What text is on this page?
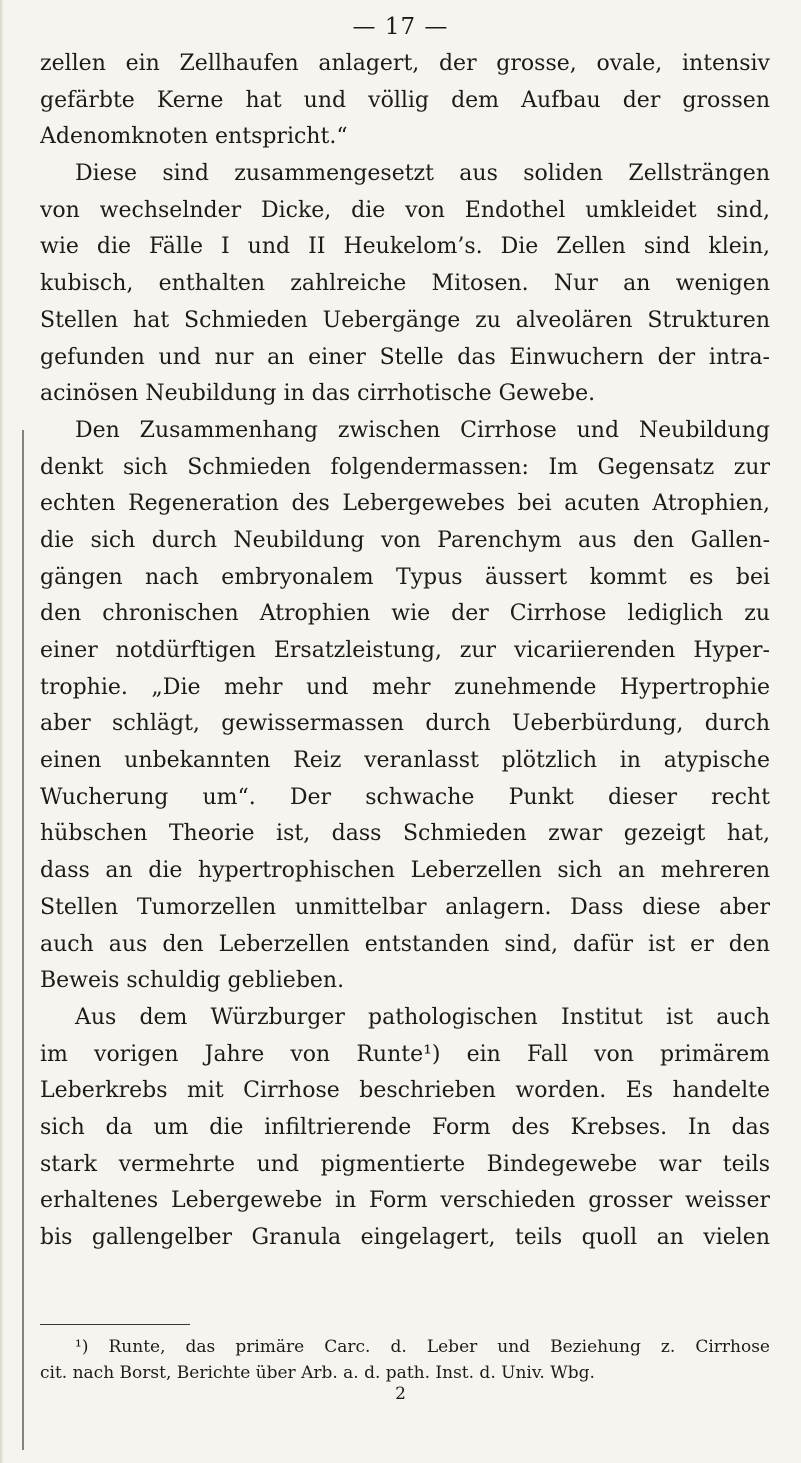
— 17 —
zellen ein Zellhaufen anlagert, der grosse, ovale, intensiv
gefärbte Kerne hat und völlig dem Aufbau der grossen
Adenomknoten entspricht.“
Diese sind zusammengesetzt aus soliden Zellsträngen
von wechselnder Dicke, die von Endothel umkleidet sind,
wie die Fälle I und II Heukelom’s. Die Zellen sind klein,
kubisch, enthalten zahlreiche Mitosen. Nur an wenigen
Stellen hat Schmieden Uebergänge zu alveolären Strukturen
gefunden und nur an einer Stelle das Einwuchern der intra-
acinösen Neubildung in das cirrhotische Gewebe.
Den Zusammenhang zwischen Cirrhose und Neubildung
denkt sich Schmieden folgendermassen: Im Gegensatz zur
echten Regeneration des Lebergewebes bei acuten Atrophien,
die sich durch Neubildung von Parenchym aus den Gallen-
gängen nach embryonalem Typus äussert kommt es bei
den chronischen Atrophien wie der Cirrhose lediglich zu
einer notdürftigen Ersatzleistung, zur vicariierenden Hyper-
trophie. „Die mehr und mehr zunehmende Hypertrophie
aber schlägt, gewissermassen durch Ueberbürdung, durch
einen unbekannten Reiz veranlasst plötzlich in atypische
Wucherung um“. Der schwache Punkt dieser recht
hübschen Theorie ist, dass Schmieden zwar gezeigt hat,
dass an die hypertrophischen Leberzellen sich an mehreren
Stellen Tumorzellen unmittelbar anlagern. Dass diese aber
auch aus den Leberzellen entstanden sind, dafür ist er den
Beweis schuldig geblieben.
Aus dem Würzburger pathologischen Institut ist auch
im vorigen Jahre von Runte¹) ein Fall von primärem
Leberkrebs mit Cirrhose beschrieben worden. Es handelte
sich da um die infiltrierende Form des Krebses. In das
stark vermehrte und pigmentierte Bindegewebe war teils
erhaltenes Lebergewebe in Form verschieden grosser weisser
bis gallengelber Granula eingelagert, teils quoll an vielen
¹) Runte, das primäre Carc. d. Leber und Beziehung z. Cirrhose
cit. nach Borst, Berichte über Arb. a. d. path. Inst. d. Univ. Wbg.
2
